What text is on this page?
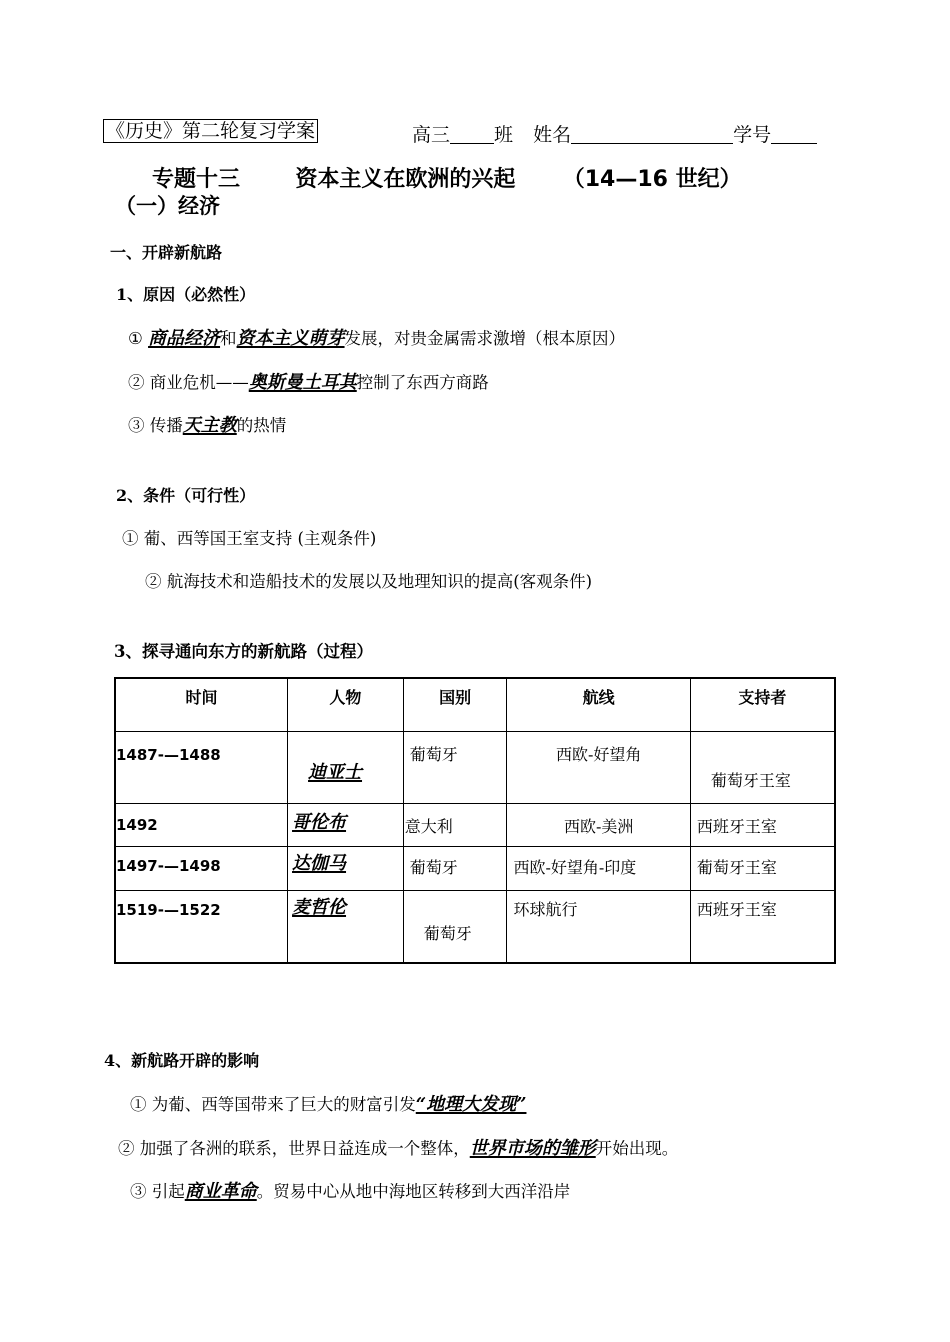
《历史》第二轮复习学案	高三 班 姓名	学号
专题十三	资本主义在欧洲的兴起 （14—16 世纪）
（一）经济
一、开辟新航路
1、原因（必然性）
① 商品经济和资本主义萌芽发展，对贵金属需求激增（根本原因）
② 商业危机——奥斯曼土耳其控制了东西方商路
③ 传播天主教的热情
2、条件（可行性）
① 葡、西等国王室支持 (主观条件)
② 航海技术和造船技术的发展以及地理知识的提高(客观条件)
3、探寻通向东方的新航路（过程）
时间	人物	国别	航线	支持者

1487-—1488	迪亚士	葡萄牙	西欧-好望角	葡萄牙王室

1492	哥伦布	意大利	西欧-美洲	西班牙王室

1497-—1498	达伽马	葡萄牙	西欧-好望角-印度	葡萄牙王室

1519-—1522	麦哲伦	葡萄牙	环球航行	西班牙王室
4、新航路开辟的影响
① 为葡、西等国带来了巨大的财富引发“地理大发现”
② 加强了各洲的联系，世界日益连成一个整体，世界市场的雏形开始出现。
③ 引起商业革命。贸易中心从地中海地区转移到大西洋沿岸
